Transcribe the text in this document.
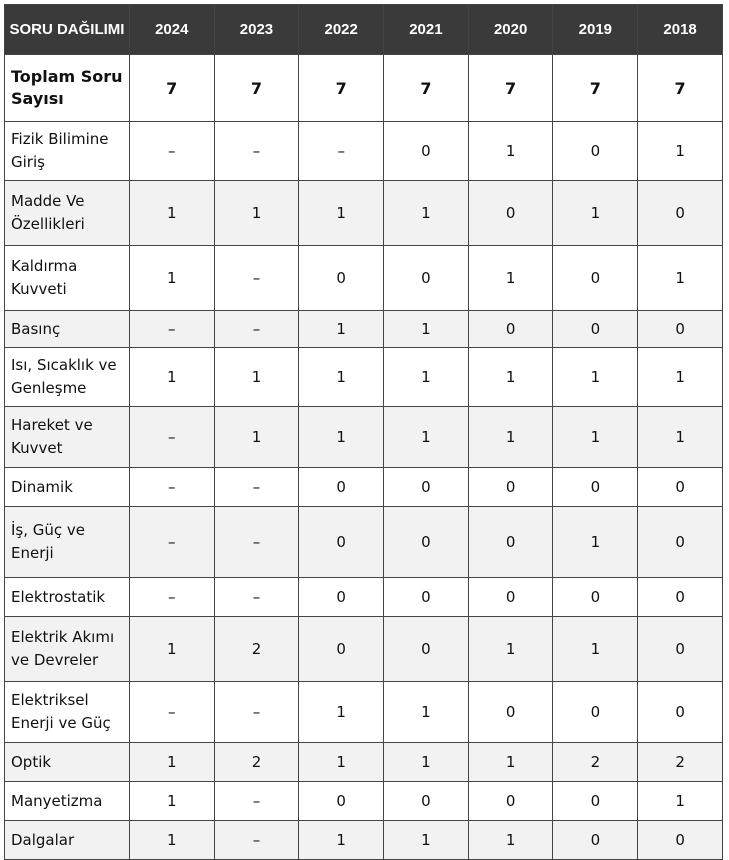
SORU DAĞILIMI	2024	2023	2022	2021	2020	2019	2018
Toplam Soru Sayısı	7	7	7	7	7	7	7
Fizik Bilimine Giriş	–	–	–	0	1	0	1
Madde Ve Özellikleri	1	1	1	1	0	1	0
Kaldırma Kuvveti	1	–	0	0	1	0	1
Basınç	–	–	1	1	0	0	0
Isı, Sıcaklık ve Genleşme	1	1	1	1	1	1	1
Hareket ve Kuvvet	–	1	1	1	1	1	1
Dinamik	–	–	0	0	0	0	0
İş, Güç ve Enerji	–	–	0	0	0	1	0
Elektrostatik	–	–	0	0	0	0	0
Elektrik Akımı ve Devreler	1	2	0	0	1	1	0
Elektriksel Enerji ve Güç	–	–	1	1	0	0	0
Optik	1	2	1	1	1	2	2
Manyetizma	1	–	0	0	0	0	1
Dalgalar	1	–	1	1	1	0	0
